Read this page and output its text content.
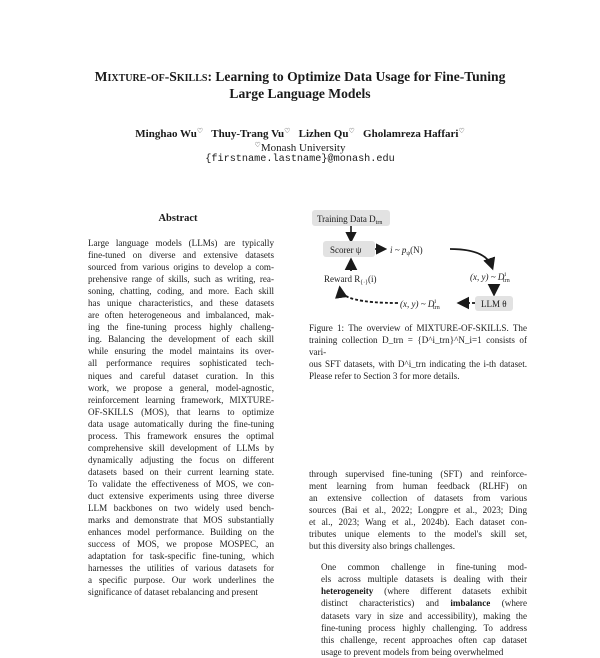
Mixture-of-Skills: Learning to Optimize Data Usage for Fine-Tuning
Large Language Models
Minghao Wu♡ Thuy-Trang Vu♡ Lizhen Qu♡ Gholamreza Haffari♡
♡Monash University
{firstname.lastname}@monash.edu
Abstract
Large language models (LLMs) are typically
fine-tuned on diverse and extensive datasets
sourced from various origins to develop a com-
prehensive range of skills, such as writing, rea-
soning, chatting, coding, and more. Each skill
has unique characteristics, and these datasets
are often heterogeneous and imbalanced, mak-
ing the fine-tuning process highly challeng-
ing. Balancing the development of each skill
while ensuring the model maintains its over-
all performance requires sophisticated tech-
niques and careful dataset curation. In this
work, we propose a general, model-agnostic,
reinforcement learning framework, MIXTURE-
OF-SKILLS (MOS), that learns to optimize
data usage automatically during the fine-tuning
process. This framework ensures the optimal
comprehensive skill development of LLMs by
dynamically adjusting the focus on different
datasets based on their current learning state.
To validate the effectiveness of MOS, we con-
duct extensive experiments using three diverse
LLM backbones on two widely used bench-
marks and demonstrate that MOS substantially
enhances model performance. Building on the
success of MOS, we propose MOSPEC, an
adaptation for task-specific fine-tuning, which
harnesses the utilities of various datasets for
a specific purpose. Our work underlines the
significance of dataset rebalancing and present
Training Data $D_{trn}$
Scorer ψ	i ~ $p_\psi(N)$
(x, y) ~ $D^i$ trn
LLM θ
(x, y) ~ $D^i$ trn
Reward $R_{\{\cdot\}}(i)$
Figure 1: The overview of MIXTURE-OF-SKILLS. The
training collection D_trn = {D^i_trn}^N_i=1 consists of vari-
ous SFT datasets, with D^i_trn indicating the i-th dataset.
Please refer to Section 3 for more details.

through supervised fine-tuning (SFT) and reinforce-
ment learning from human feedback (RLHF) on
an extensive collection of datasets from various
sources (Bai et al., 2022; Longpre et al., 2023; Ding
et al., 2023; Wang et al., 2024b). Each dataset con-
tributes unique elements to the model's skill set,
but this diversity also brings challenges.

One common challenge in fine-tuning mod-
els across multiple datasets is dealing with their
heterogeneity (where different datasets exhibit
distinct characteristics) and imbalance (where
datasets vary in size and accessibility), making the
fine-tuning process highly challenging. To address
this challenge, recent approaches often cap dataset
usage to prevent models from being overwhelmed
